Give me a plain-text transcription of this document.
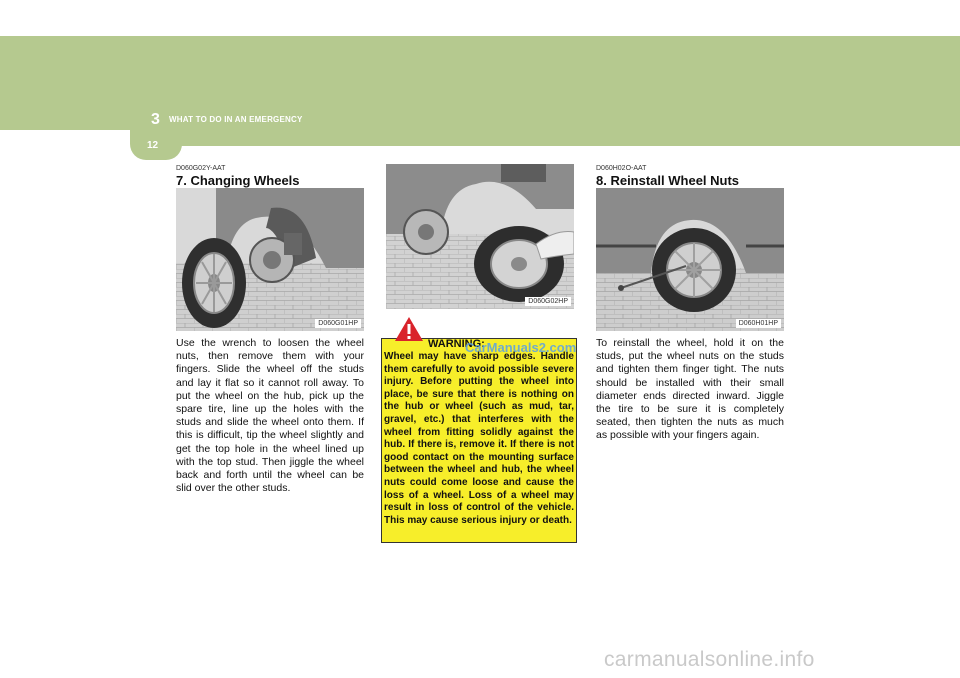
3 WHAT TO DO IN AN EMERGENCY
12
D060G02Y-AAT
7. Changing Wheels
D060G01HP
Use the wrench to loosen the wheel nuts, then remove them with your fingers. Slide the wheel off the studs and lay it flat so it cannot roll away. To put the wheel on the hub, pick up the spare tire, line up the holes with the studs and slide the wheel onto them. If this is difficult, tip the wheel slightly and get the top hole in the wheel lined up with the top stud. Then jiggle the wheel back and forth until the wheel can be slid over the other studs.
D060G02HP
WARNING:
Wheel may have sharp edges. Handle them carefully to avoid possible severe injury. Before putting the wheel into place, be sure that there is nothing on the hub or wheel (such as mud, tar, gravel, etc.) that interferes with the wheel from fitting solidly against the hub. If there is, remove it. If there is not good contact on the mounting surface between the wheel and hub, the wheel nuts could come loose and cause the loss of a wheel. Loss of a wheel may result in loss of control of the vehicle. This may cause serious injury or death.
CarManuals2.com
D060H02O-AAT
8. Reinstall Wheel Nuts
D060H01HP
To reinstall the wheel, hold it on the studs, put the wheel nuts on the studs and tighten them finger tight. The nuts should be installed with their small diameter ends directed inward. Jiggle the tire to be sure it is completely seated, then tighten the nuts as much as possible with your fingers again.
carmanualsonline.info
